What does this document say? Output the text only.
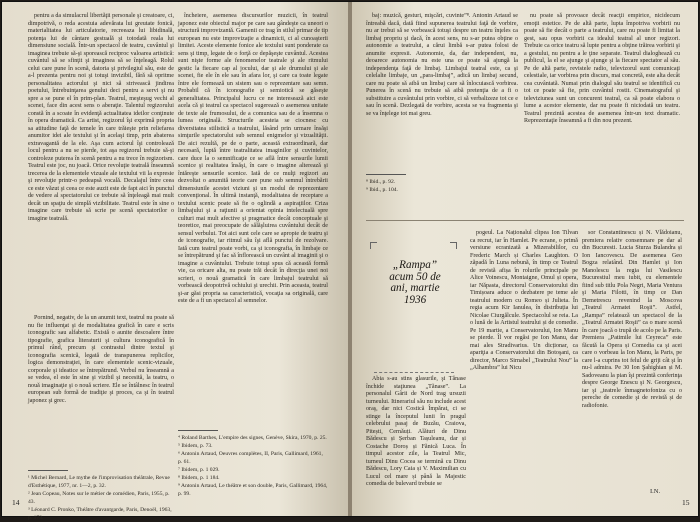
pentru a da simulacrul libertăţii personale şi creatoare, ci, dimpotrivă, o reda acestuia adevărata lui greutate fonică, materialitatea lui articulatorie, recreeaza lui libidinală, potenţa lui de cântare gestuală şi totodată reala lui dimensiune socială. Într-un spectacol de teatru, cuvântul şi imaginea trebuie să-şi sporească reciproc valoarea artistică: cuvântul să se sfinţit şi imaginea să se înţeleagă. Rolul celui care pune în scenă, datoria şi privilegiul său, este de a-l prezenta pentru noi şi totuşi invizibil, fără să opritme personalitatea actorului şi nici să strivească jindirea poetului, întrebuinţarea genului deci pentru a servi şi nu spre a se pune el în prim-plan. Teatrul, meşteşug vechi al scenei, face din acest sens o aberaţie. Talentul regizorului constă în a scoate în evidenţă actualitatea ideilor conţinute în opera dramatică. Ca artist, regizorul îşi exprimă propria sa atitudine faţă de temele în care trăieşte prin reliefarea anumitor idei ale textului şi în acelaşi timp, prin abaterea extravagantă de la ele. Aşa cum actorul îşi controlează locul pentru a nu se pierde, tot aşa regizorul trebuie să-şi controleze puterea în scenă pentru a nu trece în regizorism. Teatrul este joc, nu joacă. Orice revoluţie teatrală înseamnă trecerea de la elementele vizuale ale textului vii la expresie şi revoluţie printr-o pedeapsă vocală. Decalajul între ceea ce este văzut şi ceea ce este auzit este de fapt aici în punctul de vedere al spectatorului ce trebuie să înţeleagă mai mult decât un spaţiu de simplă vizibilitate. Teatrul este în sine o imagine care trebuie să scrie pe scenă spectatorilor o imagine teatrală.

Pornind, negativ, de la un anumit text, teatrul nu poate să nu fie influenţat şi de modalitatea grafică în care e scris iconografic sau alfabetic. Există o aunite descoalere între tipografie, grafica literaturii şi cultura iconografică în primul rând, precum şi contrastul dintre textul şi iconografia scenică, legată de transpunerea replicilor, logica demonstraţiei, în care elementele scenic-vizuale, corporale şi ideatice se întrepătrund. Verbul nu înseamnă a se vedea, el este în sine şi vizibil şi necesită, la teatru, o nouă imaginaţie şi o nouă scriere. Ele se întâlnesc în teatrul european sub formă de tradiţie şi proces, ca şi în teatrul japonez şi grec.

încheiere, asemenea discursurilor muzicii, în teatrul japonez este obiectul major pe care sau gândeşte ca uneori o structură improvizantă. Gamenii ce trag în stilul primar de tip european nu este improvizaţie a dinamicii, ci al cunoaşterii limitei. Aceste elemente fonice ale textului sunt ponderate ca sens şi timp, legate de o forţă ce depăşeşte cuvântul. Acestea sunt nişte forme ale fenomenelor teatrale şi ale ritmului gestic la fiecare cap al jocului, dar şi ale drumului şi ale scenei, fie ele în ele sau în afara lor, şi care ca toate legate între ele formează un sistem sau o reprezentare sau semn. Probabil că în iconografie şi semiotică se găseşte generalitatea. Principalul lucru ce ne interesează aici este acela că şi teatrul ca spectacol sugerează o asemenea unitate de texte ale frumosului, de a comunica sau de a însemna o lumea originală. Structurile acesteia se ciocnesc cu diversitatea stilistică a teatrului, lăsând prin urmare însăşi simţurile spectatorului sub semnul enigmelor şi vizualităţii. De aici rezultă, pe de o parte, această extraordinară, dar necesară, luptă între teatralitatea imaginilor şi cuvintelor, care duce la o semnificaţie ce se află între sensurile lumii scenice şi realitatea însăşi, în care o imagine alterează şi întăreşte sensurile scenice. Iată de ce mulţi regizori au dezvoltat o anumită teorie care pune sub semnul întrebării dimensiunile acestei viziuni şi un modul de reprezentare convenţional. În ultimă instanţă, modalitatea de receptare a textului scenic poate să fie o oglindă a aspiraţiilor. Criza limbajului şi a raţiunii a orientat opinia intelectuală spre culturi mai mult afective şi pragmatice decât conceptuale şi teoretice, mai preocupate de sălăşluirea cuvântului decât de sensul verbului. Tot aici sunt cele care se apropie de teatru şi de iconografie, iar ritmul său îşi află punctul de rezolvare. Iată cum teatrul poate vorbi, ca şi iconografia, în limbaje ce se întrepătrund şi fac să înflorească un cuvânt al imaginii şi o imagine a cuvântului. Trebuie totuşi spus că această formă vie, ca oricare alta, nu poate trăi decât în direcţia unei noi scrieri, o nouă gramatică în care limbajul teatrului să vorbească deopotrivă ochiului şi urechii. Prin aceasta, teatrul şi-ar găsi propria sa caracteristică, vocaţia sa originală, care este de a fi un spectacol al semnelor.

¹ Michel Bernard, Le mythe de l'improvisation théâtrale, Revue d'Esthétique, 1977, nr. 1—2, p. 32.
² Jean Copeau, Notes sur le métier de comédien, Paris, 1955, p. 43.
³ Léonard C. Pronko, Théâtre d'avantgarde, Paris, Denoël, 1963, p. 173.
⁴ Roland Barthes, L'empire des signes, Genève, Skira, 1970, p. 25.
⁵ Ibidem, p. 73.
⁶ Antonin Artaud, Oeuvres complètes, II, Paris, Gallimard, 1961, p. 61.
⁷ Ibidem, p. 1 029.
⁸ Ibidem, p. 1 184.
⁹ Antonin Artaud, Le théâtre et son double, Paris, Gallimard, 1964, p. 99.
14

baj: muzică, gesturi, mişcări, cuvinte”⁸. Antonin Artaud se întreabă dacă, dată fiind supunerea teatrului faţă de vorbire, nu ar trebui să se vorbească totuşi despre un teatru înţeles ca limbaj propriu şi dacă, în acest sens, nu s-ar putea obţine o autonomie a teatrului, a cărui limbă s-ar putea folosi de anumite expresii. Autonomie, da, dar independent, nu, deoarece autonomia nu este una ce poate să ajungă la independenţa faţă de limbaj. Limbajul teatral este, ca şi celelalte limbaje, un „para-limbaj”, adică un limbaj secund, care nu poate să aibă un limbaj care să înlocuiască vorbirea. Punerea în scenă nu trebuie să aibă pretenţia de a fi o substituire a cuvântului prin vorbire, ci să verbalizeze tot ce e sau în scenă. Dezlegată de vorbire, acesta se va fragmenta şi se va înţelege tot mai greu.

nu poate să provoace decât reacţii empirice, nicidecum emoţii estetice. Pe de altă parte, lupta împotriva vorbirii nu poate să fie decât o parte a teatrului, care nu poate fi limitat la gest, sau opus vorbirii ca idealul teatral al unor regizori. Trebuie ca orice teatru să lupte pentru a obţine trăirea vorbirii şi a gestului, nu pentru a le ţine separate. Teatrul dialoghează cu publicul, la el se ajunge şi ajunge şi la fiecare spectator al său. Pe de altă parte, revistele radio, televizorul sunt comunicaţi celestiale, iar vorbirea prin discurs, mai concretă, este alta decât cea cuvântată. Numai prin dialogul său teatrul se identifică cu tot ce poate să fie, prin cuvântul rostit. Cinematograful şi televiziunea sunt un concurent teatral, ca să poate elabora o lume a acestor elemente, dar nu poate fi niciodată un teatru. Teatrul prezintă acestea de asemenea într-un text dramatic. Reprezentaţie înseamnă a fi din nou prezent.

⁸ Ibid., p. 92.
⁹ Ibid., p. 104.
„Rampa” acum 50 de ani, martie 1936

Abia s-au stins glasurile, şi Tănase închide staţiunea „Tănase”. La personalul Gârii de Nord trag ursuzii turneului. Itinerariul său nu include acest oraş, dar nici Costică Împărat, ci se stinge la începutul lunii în pragul celebrului pasaj de Buzău, Craiova, Pitești, Cernăuți. Alături de Dinu Bădescu și Șerban Tașuleanu, dar și Costache Doroș și Fănică Luca. În timpul acestor zile, la Teatrul Mic, turneul Dinu Cocea se termină cu Dinu Bădescu, Lory Caia și V. Maximilian cu Lucul cel mare și până la Majestic comedia de bulevard trebuie se

pogeul. La Naționalul clipea Ion Tilvan ca recrut, iar în Hamlet. Pe ecrane, o primă versiune ecranizată a Mizerabililor, cu Frederic March și Charles Laughton. O zăpadă în Luna nebună, în timp ce Teatrul de revistă afișa în rolurile principale pe Alice Voinescu, Montaigne, Omul și opera, iar Năpasta, directorul Conservatorului din Timișoara aduce o dezbatere pe teme ale teatrului modern cu Romeo și Julieta. În regia acum Kir Ianulea, în distribuția lui Nicolae Ciurgălcule. Spectacolul se reia. La o lună de la Artistul teatrului și de comedie. Pe 19 martie, a Conservatorului, Ion Manu se pierde. Îl vor regăsi pe Ion Manu, dar mai ales Stradivarius. Un dicționar, ca apariţia a Conservatorului din Botoşani, ca director, Marco Sirnabel „Teatrului Nou” la „Alhambra” lui Nicu

sor Constantinescu și N. Vlădoianu, premiera relativ consemnare pe dar al din Bucuresti. Lucia Sturza Bulandra și Ion Iancovescu. De asemenea Geo Bogza relatând. Din Hamlet şi Ion Manolescu la regia lui Vasilescu Bucurestiul meu iubit, cu elementele fiind sub titlu Pola Negri, Maria Ventura şi Maria Filotti, în timp ce Dan Demetrescu revenind la Moscova „Teatrul Armatei Roşii”. Astfel, „Rampa” relatează un spectacol de la „Teatrul Armatei Roşii” ca o mare scenă în care joacă o trupă de acolo pe la Paris. Premiera „Patimile lui Ceyreca” este făcută la Opera și Comedia ca şi acei care o vorbeau la Ion Manu, la Paris, pe care l-a cuprins tot felul de griji cât şi în nu-l admira. Pe 30 Ion Şahighian și M. Sadoveanu la pian îşi prezintă conferinţa despre George Enescu şi N. Georgescu, iar şi „teatrele înmagnetofoniza cu o pereche de comedie şi de revistă și de radiofonie.

I.N.
15
